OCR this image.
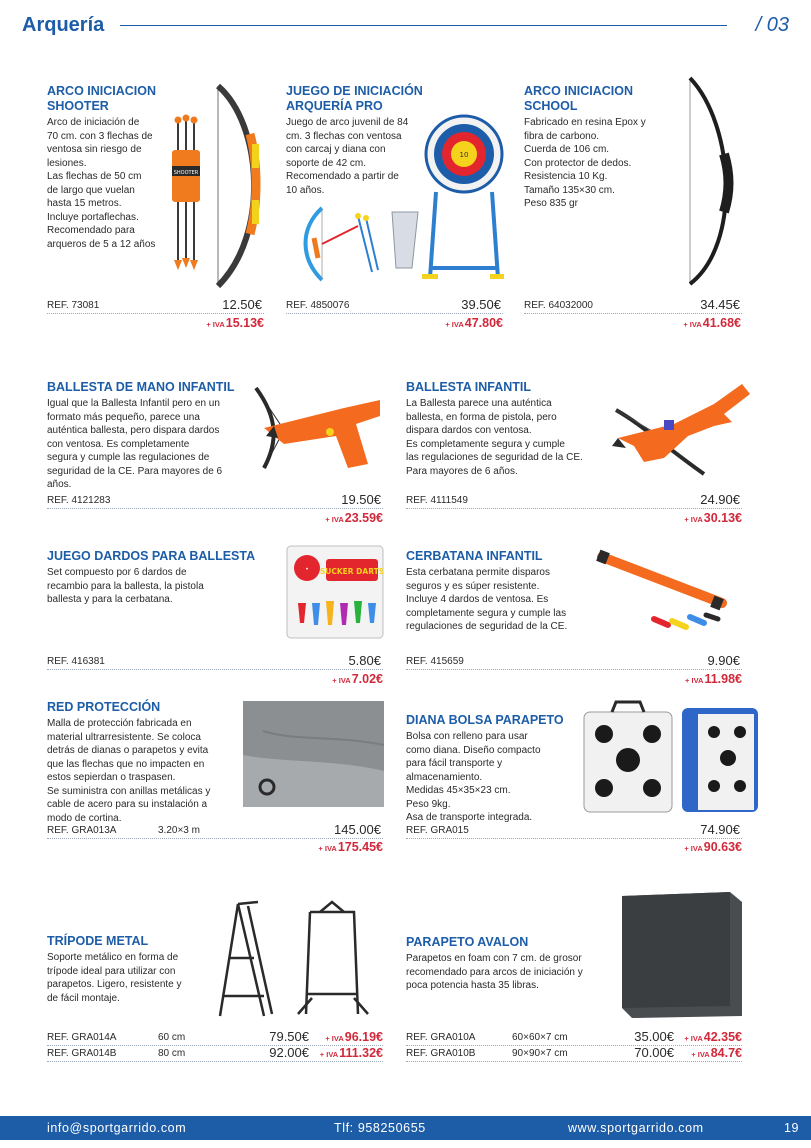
Arquería	/ 03
ARCO INICIACION SHOOTER
Arco de iniciación de
70 cm. con 3 flechas de
ventosa sin riesgo de
lesiones.
Las flechas de 50 cm
de largo que vuelan
hasta 15 metros.
Incluye portaflechas.
Recomendado para
arqueros de 5 a 12 años
SHOOTER
REF. 73081	12.50€
+ IVA15.13€
JUEGO DE INICIACIÓN ARQUERÍA PRO
Juego de arco juvenil de 84
cm. 3 flechas con ventosa
con carcaj y diana con
soporte de 42 cm.
Recomendado a partir de
10 años.
10
REF. 4850076	39.50€
+ IVA47.80€
ARCO INICIACION SCHOOL
Fabricado en resina Epox y
fibra de carbono.
Cuerda de 106 cm.
Con protector de dedos.
Resistencia 10 Kg.
Tamaño 135×30 cm.
Peso 835 gr
REF. 64032000	34.45€
+ IVA41.68€
BALLESTA DE MANO INFANTIL
Igual que la Ballesta Infantil pero en un
formato más pequeño, parece una
auténtica ballesta, pero dispara dardos
con ventosa. Es completamente
segura y cumple las regulaciones de
seguridad de la CE. Para mayores de 6
años.
REF. 4121283	19.50€
+ IVA23.59€
BALLESTA INFANTIL
La Ballesta parece una auténtica
ballesta, en forma de pistola, pero
dispara dardos con ventosa.
Es completamente segura y cumple
las regulaciones de seguridad de la CE.
Para mayores de 6 años.
REF. 4111549	24.90€
+ IVA30.13€
JUEGO DARDOS PARA BALLESTA
Set compuesto por 6 dardos de
recambio para la ballesta, la pistola
ballesta y para la cerbatana.
• SUCKER DARTS
REF. 416381	5.80€
+ IVA7.02€
CERBATANA INFANTIL
Esta cerbatana permite disparos
seguros y es súper resistente.
Incluye 4 dardos de ventosa. Es
completamente segura y cumple las
regulaciones de seguridad de la CE.
REF. 415659	9.90€
+ IVA11.98€
RED PROTECCIÓN
Malla de protección fabricada en
material ultrarresistente. Se coloca
detrás de dianas o parapetos y evita
que las flechas que no impacten en
estos sepierdan o traspasen.
Se suministra con anillas metálicas y
cable de acero para su instalación a
modo de cortina.
REF. GRA013A	3.20×3 m	145.00€
+ IVA175.45€
DIANA BOLSA PARAPETO
Bolsa con relleno para usar
como diana. Diseño compacto
para fácil transporte y
almacenamiento.
Medidas 45×35×23 cm.
Peso 9kg.
Asa de transporte integrada.
REF. GRA015	74.90€
+ IVA90.63€
TRÍPODE METAL
Soporte metálico en forma de
trípode ideal para utilizar con
parapetos. Ligero, resistente y
de fácil montaje.
REF. GRA014A	60 cm	79.50€ + IVA96.19€
REF. GRA014B	80 cm	92.00€ + IVA111.32€
PARAPETO AVALON
Parapetos en foam con 7 cm. de grosor
recomendado para arcos de iniciación y
poca potencia hasta 35 libras.
REF. GRA010A	60×60×7 cm	35.00€ + IVA42.35€
REF. GRA010B	90×90×7 cm	70.00€ + IVA84.7€
info@sportgarrido.com	Tlf: 958250655	www.sportgarrido.com	19
